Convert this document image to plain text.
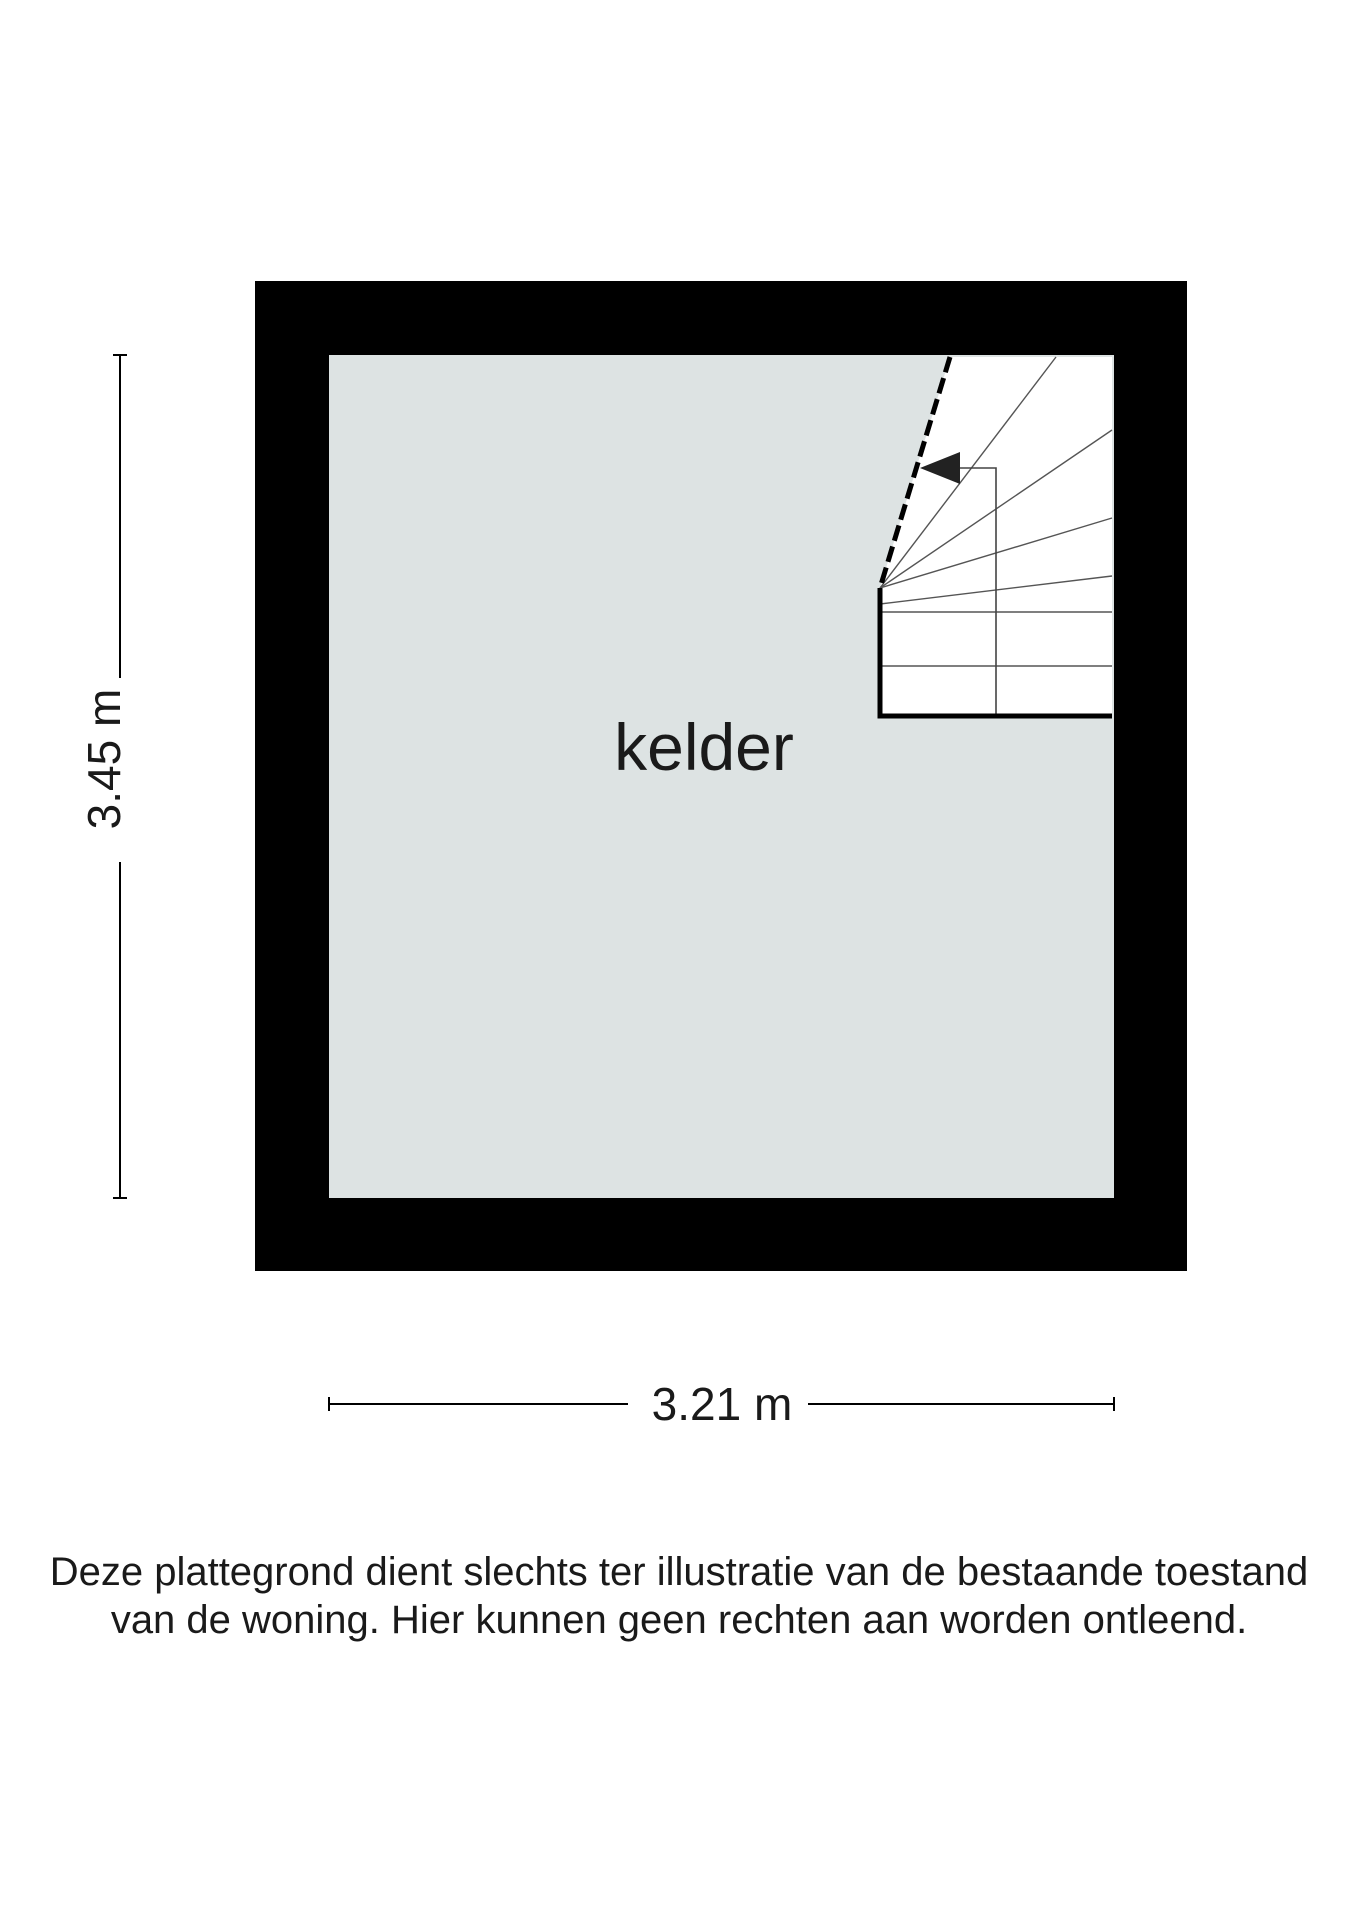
kelder
3.45 m
3.21 m
Deze plattegrond dient slechts ter illustratie van de bestaande toestand
van de woning. Hier kunnen geen rechten aan worden ontleend.
